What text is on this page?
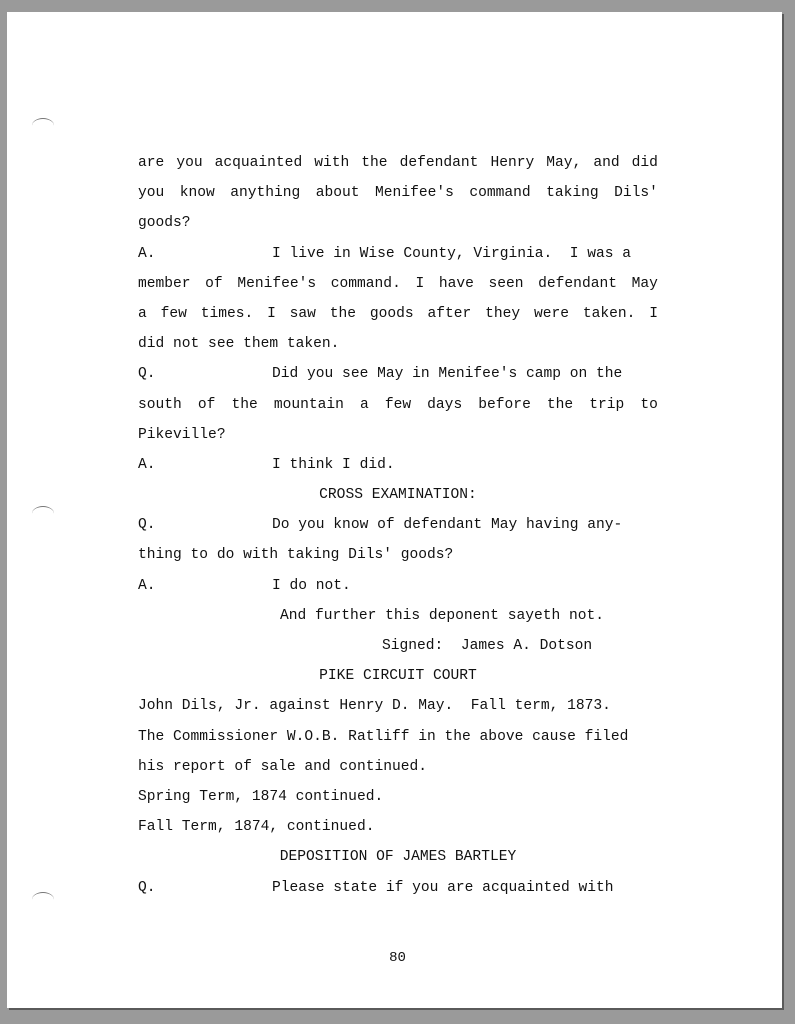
are you acquainted with the defendant Henry May, and did
you know anything about Menifee's command taking Dils'
goods?
A.	I live in Wise County, Virginia.  I was a
member of Menifee's command. I have seen defendant May
a few times. I saw the goods after they were taken. I
did not see them taken.
Q.	Did you see May in Menifee's camp on the
south of the mountain a few days before the trip to
Pikeville?
A.	I think I did.
CROSS EXAMINATION:
Q.	Do you know of defendant May having any-
thing to do with taking Dils' goods?
A.	I do not.
And further this deponent sayeth not.
Signed:  James A. Dotson
PIKE CIRCUIT COURT
John Dils, Jr. against Henry D. May.  Fall term, 1873.
The Commissioner W.O.B. Ratliff in the above cause filed
his report of sale and continued.
Spring Term, 1874 continued.
Fall Term, 1874, continued.
DEPOSITION OF JAMES BARTLEY
Q.	Please state if you are acquainted with
80
